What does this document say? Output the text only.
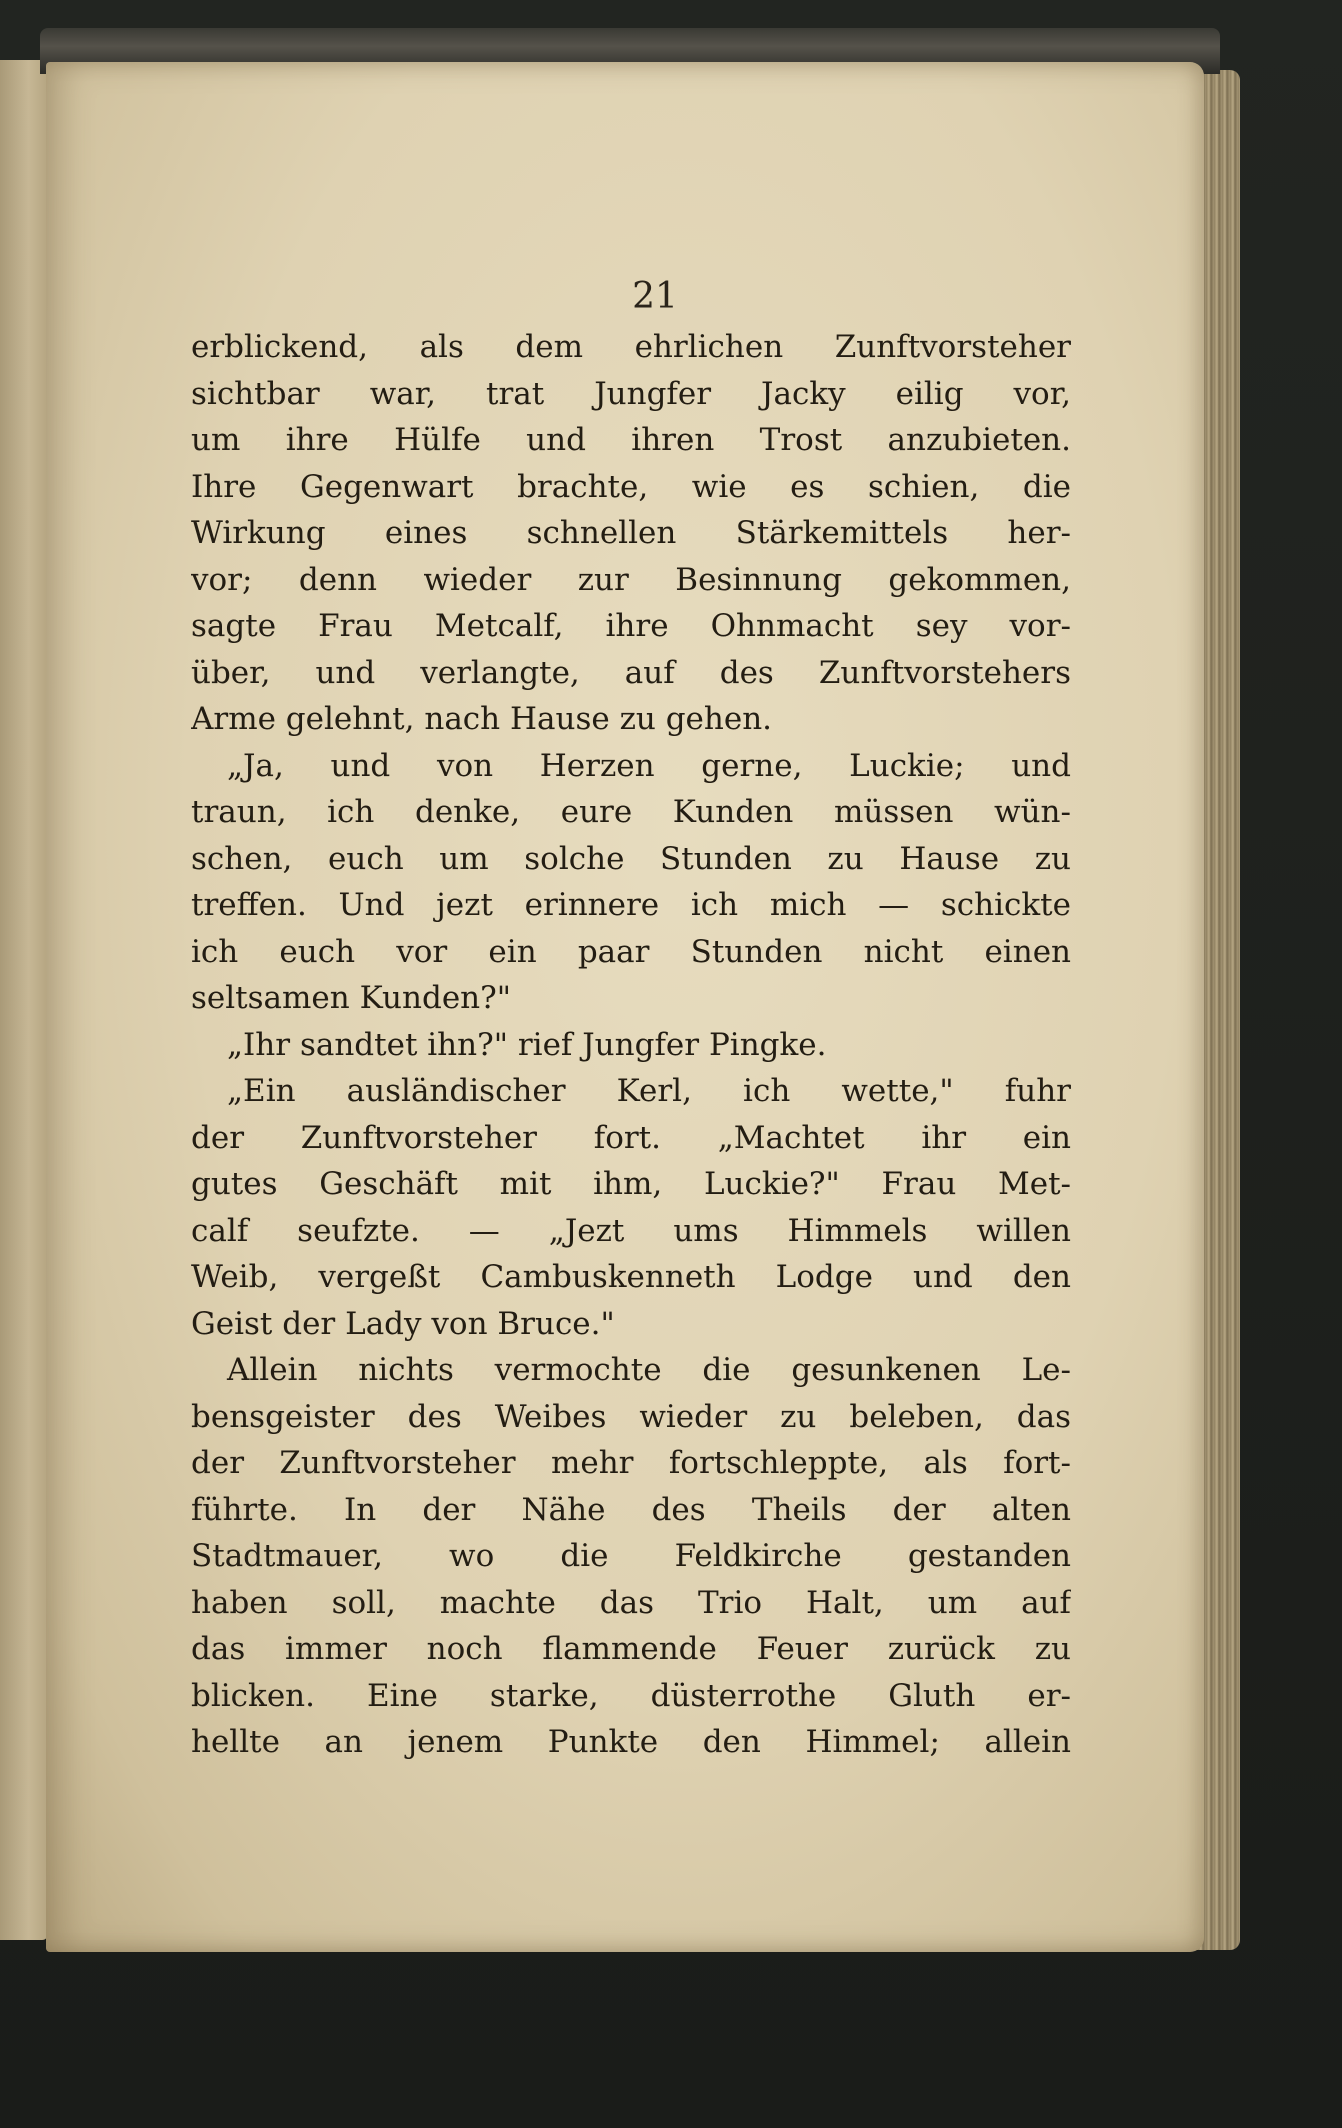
21
erblickend, als dem ehrlichen Zunftvorsteher
sichtbar war, trat Jungfer Jacky eilig vor,
um ihre Hülfe und ihren Trost anzubieten.
Ihre Gegenwart brachte, wie es schien, die
Wirkung eines schnellen Stärkemittels her-
vor; denn wieder zur Besinnung gekommen,
sagte Frau Metcalf, ihre Ohnmacht sey vor-
über, und verlangte, auf des Zunftvorstehers
Arme gelehnt, nach Hause zu gehen.
„Ja, und von Herzen gerne, Luckie; und
traun, ich denke, eure Kunden müssen wün-
schen, euch um solche Stunden zu Hause zu
treffen. Und jezt erinnere ich mich — schickte
ich euch vor ein paar Stunden nicht einen
seltsamen Kunden?"
„Ihr sandtet ihn?" rief Jungfer Pingke.
„Ein ausländischer Kerl, ich wette," fuhr
der Zunftvorsteher fort. „Machtet ihr ein
gutes Geschäft mit ihm, Luckie?" Frau Met-
calf seufzte. — „Jezt ums Himmels willen
Weib, vergeßt Cambuskenneth Lodge und den
Geist der Lady von Bruce."
Allein nichts vermochte die gesunkenen Le-
bensgeister des Weibes wieder zu beleben, das
der Zunftvorsteher mehr fortschleppte, als fort-
führte. In der Nähe des Theils der alten
Stadtmauer, wo die Feldkirche gestanden
haben soll, machte das Trio Halt, um auf
das immer noch flammende Feuer zurück zu
blicken. Eine starke, düsterrothe Gluth er-
hellte an jenem Punkte den Himmel; allein
